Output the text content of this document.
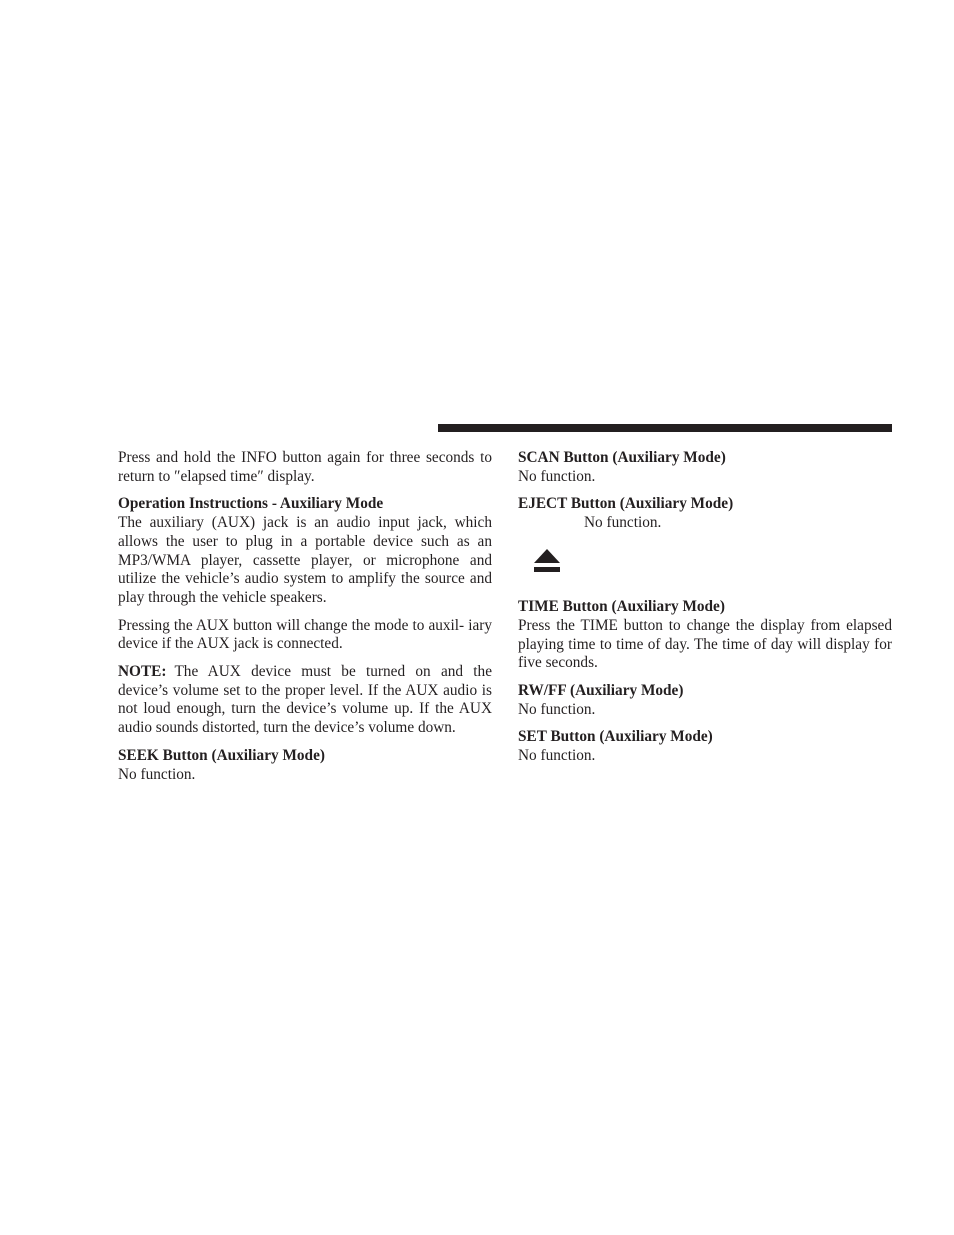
Press and hold the INFO button again for three seconds to return to ″elapsed time″ display.

Operation Instructions - Auxiliary Mode
The auxiliary (AUX) jack is an audio input jack, which allows the user to plug in a portable device such as an MP3/WMA player, cassette player, or microphone and utilize the vehicle’s audio system to amplify the source and play through the vehicle speakers.

Pressing the AUX button will change the mode to auxil- iary device if the AUX jack is connected.

NOTE: The AUX device must be turned on and the device’s volume set to the proper level. If the AUX audio is not loud enough, turn the device’s volume up. If the AUX audio sounds distorted, turn the device’s volume down.

SEEK Button (Auxiliary Mode)
No function.

SCAN Button (Auxiliary Mode)
No function.

EJECT Button (Auxiliary Mode)

No function.

TIME Button (Auxiliary Mode)
Press the TIME button to change the display from elapsed playing time to time of day. The time of day will display for five seconds.

RW/FF (Auxiliary Mode)
No function.

SET Button (Auxiliary Mode)
No function.
